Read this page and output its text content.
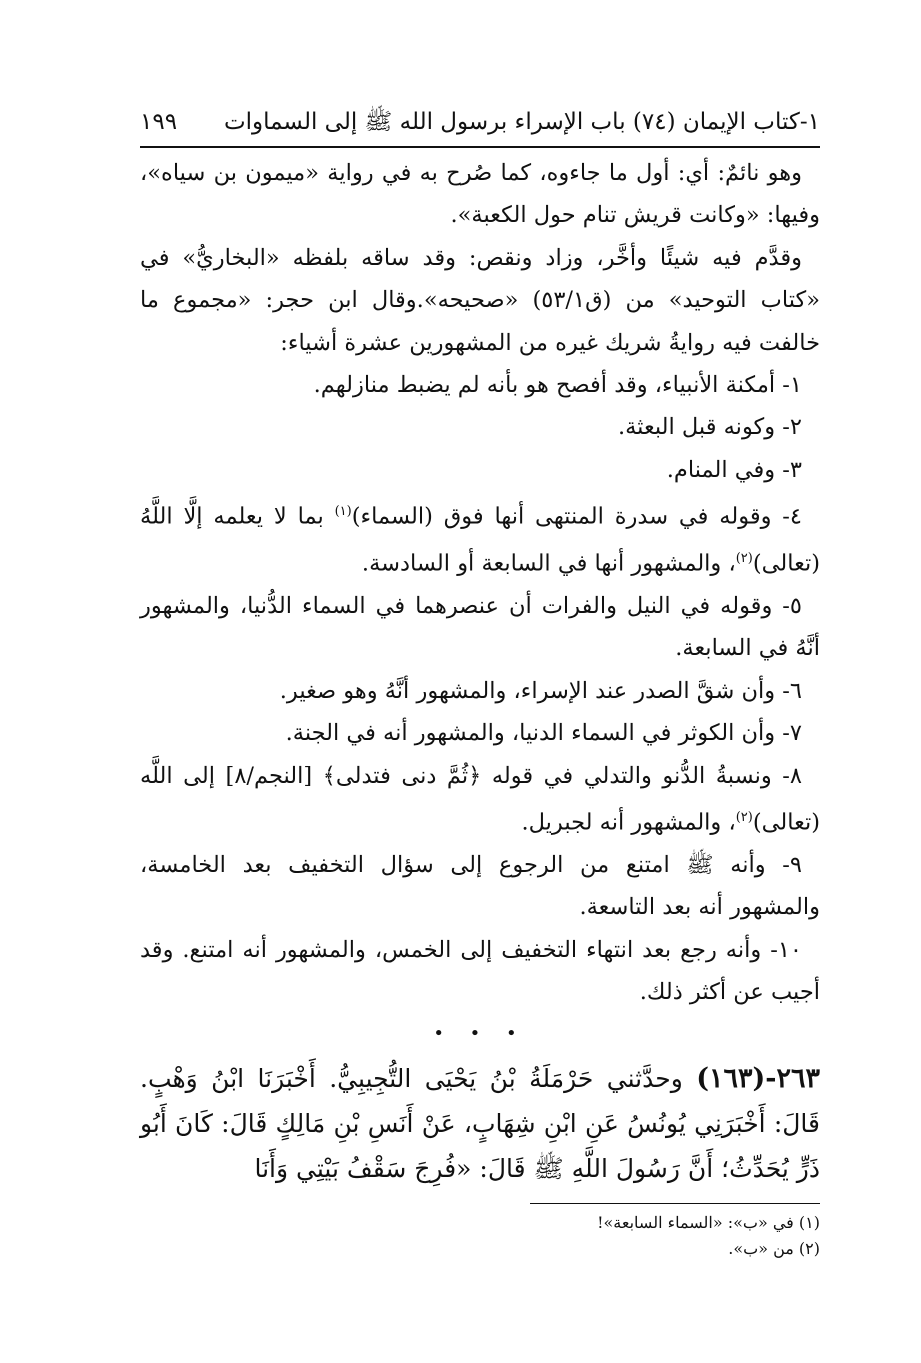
١-كتاب الإيمان (٧٤) باب الإسراء برسول الله ﷺ إلى السماوات
١٩٩

وهو نائمٌ: أي: أول ما جاءوه، كما صُرح به في رواية «ميمون بن سياه»، وفيها: «وكانت قريش تنام حول الكعبة».

وقدَّم فيه شيئًا وأخَّر، وزاد ونقص: وقد ساقه بلفظه «البخاريُّ» في «كتاب التوحيد» من (ق٥٣/١) «صحيحه».وقال ابن حجر: «مجموع ما خالفت فيه روايةُ شريك غيره من المشهورين عشرة أشياء:

١- أمكنة الأنبياء، وقد أفصح هو بأنه لم يضبط منازلهم.

٢- وكونه قبل البعثة.

٣- وفي المنام.

٤- وقوله في سدرة المنتهى أنها فوق (السماء)$^{(١)}$ بما لا يعلمه إلَّا اللَّهُ (تعالى)$^{(٢)}$، والمشهور أنها في السابعة أو السادسة.

٥- وقوله في النيل والفرات أن عنصرهما في السماء الدُّنيا، والمشهور أنَّهُ في السابعة.

٦- وأن شقَّ الصدر عند الإسراء، والمشهور أنَّهُ وهو صغير.

٧- وأن الكوثر في السماء الدنيا، والمشهور أنه في الجنة.

٨- ونسبةُ الدُّنو والتدلي في قوله ﴿ثُمَّ دنى فتدلى﴾ [النجم/٨] إلى اللَّه (تعالى)$^{(٢)}$، والمشهور أنه لجبريل.

٩- وأنه ﷺ امتنع من الرجوع إلى سؤال التخفيف بعد الخامسة، والمشهور أنه بعد التاسعة.

١٠- وأنه رجع بعد انتهاء التخفيف إلى الخمس، والمشهور أنه امتنع. وقد أجيب عن أكثر ذلك.

• • •

٢٦٣-(١٦٣) وحدَّثني حَرْمَلَةُ بْنُ يَحْيَى التُّجِيبِيُّ. أَخْبَرَنَا ابْنُ وَهْبٍ. قَالَ: أَخْبَرَنِي يُونُسُ عَنِ ابْنِ شِهَابٍ، عَنْ أَنَسِ بْنِ مَالِكٍ قَالَ: كَانَ أَبُو ذَرٍّ يُحَدِّثُ؛ أَنَّ رَسُولَ اللَّهِ ﷺ قَالَ: «فُرِجَ سَقْفُ بَيْتِي وَأَنَا

(١) في «ب»: «السماء السابعة»!

(٢) من «ب».
